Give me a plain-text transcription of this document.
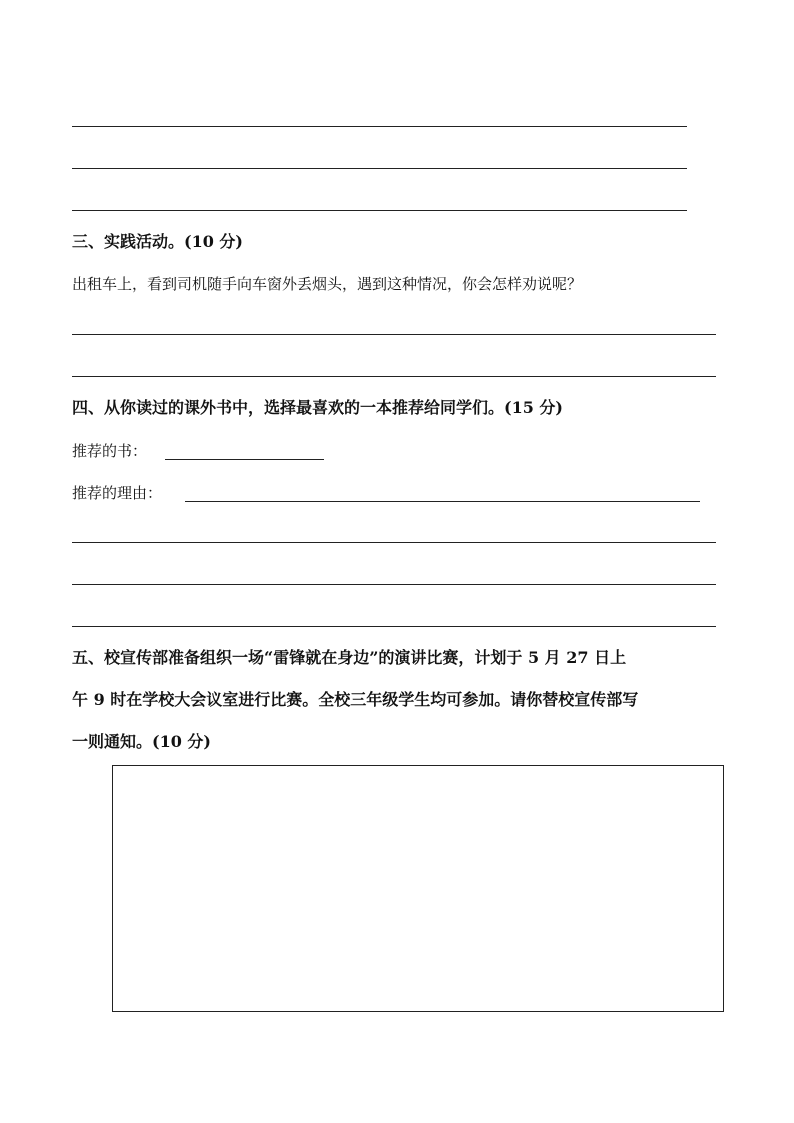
三、实践活动。(10 分)
出租车上，看到司机随手向车窗外丢烟头，遇到这种情况，你会怎样劝说呢？
四、从你读过的课外书中，选择最喜欢的一本推荐给同学们。(15 分)
推荐的书：
推荐的理由：
五、校宣传部准备组织一场“雷锋就在身边”的演讲比赛，计划于 5 月 27 日上
午 9 时在学校大会议室进行比赛。全校三年级学生均可参加。请你替校宣传部写
一则通知。(10 分)
